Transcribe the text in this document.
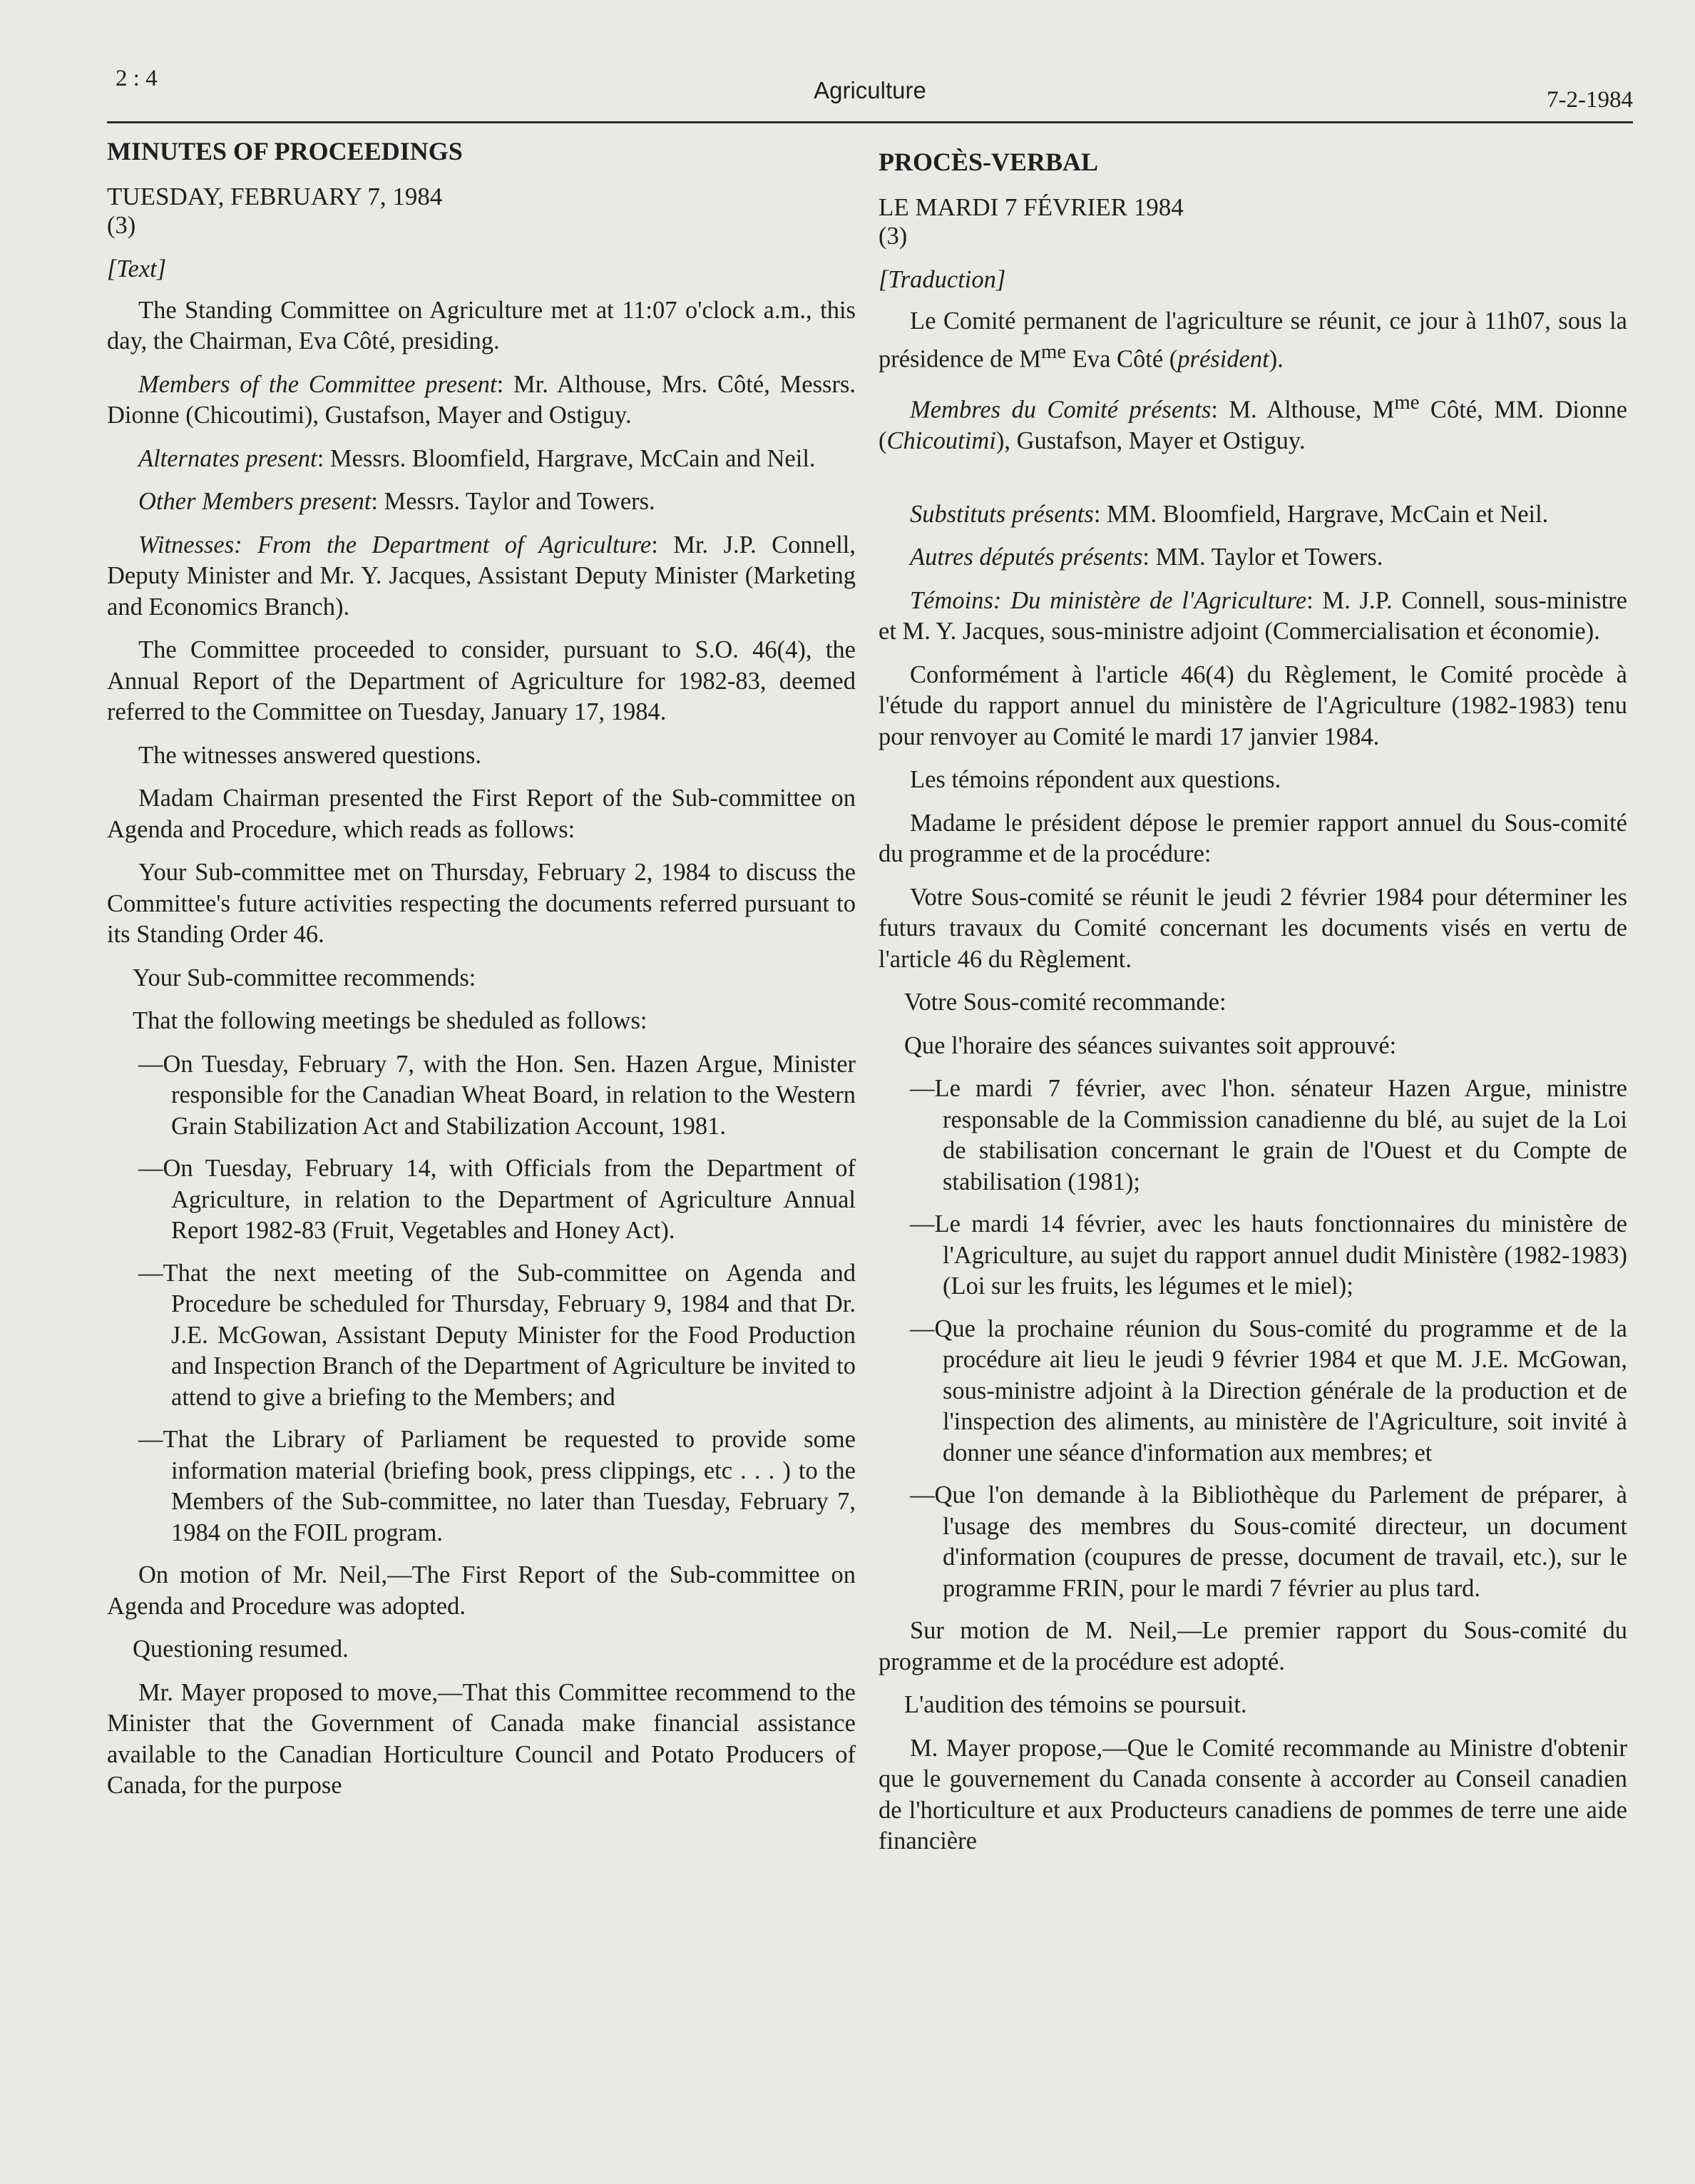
2 : 4	Agriculture	7-2-1984
MINUTES OF PROCEEDINGS

TUESDAY, FEBRUARY 7, 1984

(3)

[Text]

The Standing Committee on Agriculture met at 11:07 o'clock a.m., this day, the Chairman, Eva Côté, presiding.

Members of the Committee present: Mr. Althouse, Mrs. Côté, Messrs. Dionne (Chicoutimi), Gustafson, Mayer and Ostiguy.

Alternates present: Messrs. Bloomfield, Hargrave, McCain and Neil.

Other Members present: Messrs. Taylor and Towers.

Witnesses: From the Department of Agriculture: Mr. J.P. Connell, Deputy Minister and Mr. Y. Jacques, Assistant Deputy Minister (Marketing and Economics Branch).

The Committee proceeded to consider, pursuant to S.O. 46(4), the Annual Report of the Department of Agriculture for 1982-83, deemed referred to the Committee on Tuesday, January 17, 1984.

The witnesses answered questions.

Madam Chairman presented the First Report of the Sub-committee on Agenda and Procedure, which reads as follows:

Your Sub-committee met on Thursday, February 2, 1984 to discuss the Committee's future activities respecting the documents referred pursuant to its Standing Order 46.

Your Sub-committee recommends:

That the following meetings be sheduled as follows:

—On Tuesday, February 7, with the Hon. Sen. Hazen Argue, Minister responsible for the Canadian Wheat Board, in relation to the Western Grain Stabilization Act and Stabilization Account, 1981.

—On Tuesday, February 14, with Officials from the Department of Agriculture, in relation to the Department of Agriculture Annual Report 1982-83 (Fruit, Vegetables and Honey Act).

—That the next meeting of the Sub-committee on Agenda and Procedure be scheduled for Thursday, February 9, 1984 and that Dr. J.E. McGowan, Assistant Deputy Minister for the Food Production and Inspection Branch of the Department of Agriculture be invited to attend to give a briefing to the Members; and

—That the Library of Parliament be requested to provide some information material (briefing book, press clippings, etc . . . ) to the Members of the Sub-committee, no later than Tuesday, February 7, 1984 on the FOIL program.

On motion of Mr. Neil,—The First Report of the Sub-committee on Agenda and Procedure was adopted.

Questioning resumed.

Mr. Mayer proposed to move,—That this Committee recommend to the Minister that the Government of Canada make financial assistance available to the Canadian Horticulture Council and Potato Producers of Canada, for the purpose

PROCÈS-VERBAL

LE MARDI 7 FÉVRIER 1984

(3)

[Traduction]

Le Comité permanent de l'agriculture se réunit, ce jour à 11h07, sous la présidence de $M^{me}$ Eva Côté (président).

Membres du Comité présents: M. Althouse, $M^{me}$ Côté, MM. Dionne (Chicoutimi), Gustafson, Mayer et Ostiguy.

Substituts présents: MM. Bloomfield, Hargrave, McCain et Neil.

Autres députés présents: MM. Taylor et Towers.

Témoins: Du ministère de l'Agriculture: M. J.P. Connell, sous-ministre et M. Y. Jacques, sous-ministre adjoint (Commercialisation et économie).

Conformément à l'article 46(4) du Règlement, le Comité procède à l'étude du rapport annuel du ministère de l'Agriculture (1982-1983) tenu pour renvoyer au Comité le mardi 17 janvier 1984.

Les témoins répondent aux questions.

Madame le président dépose le premier rapport annuel du Sous-comité du programme et de la procédure:

Votre Sous-comité se réunit le jeudi 2 février 1984 pour déterminer les futurs travaux du Comité concernant les documents visés en vertu de l'article 46 du Règlement.

Votre Sous-comité recommande:

Que l'horaire des séances suivantes soit approuvé:

—Le mardi 7 février, avec l'hon. sénateur Hazen Argue, ministre responsable de la Commission canadienne du blé, au sujet de la Loi de stabilisation concernant le grain de l'Ouest et du Compte de stabilisation (1981);

—Le mardi 14 février, avec les hauts fonctionnaires du ministère de l'Agriculture, au sujet du rapport annuel dudit Ministère (1982-1983) (Loi sur les fruits, les légumes et le miel);

—Que la prochaine réunion du Sous-comité du programme et de la procédure ait lieu le jeudi 9 février 1984 et que M. J.E. McGowan, sous-ministre adjoint à la Direction générale de la production et de l'inspection des aliments, au ministère de l'Agriculture, soit invité à donner une séance d'information aux membres; et

—Que l'on demande à la Bibliothèque du Parlement de préparer, à l'usage des membres du Sous-comité directeur, un document d'information (coupures de presse, document de travail, etc.), sur le programme FRIN, pour le mardi 7 février au plus tard.

Sur motion de M. Neil,—Le premier rapport du Sous-comité du programme et de la procédure est adopté.

L'audition des témoins se poursuit.

M. Mayer propose,—Que le Comité recommande au Ministre d'obtenir que le gouvernement du Canada consente à accorder au Conseil canadien de l'horticulture et aux Producteurs canadiens de pommes de terre une aide financière
